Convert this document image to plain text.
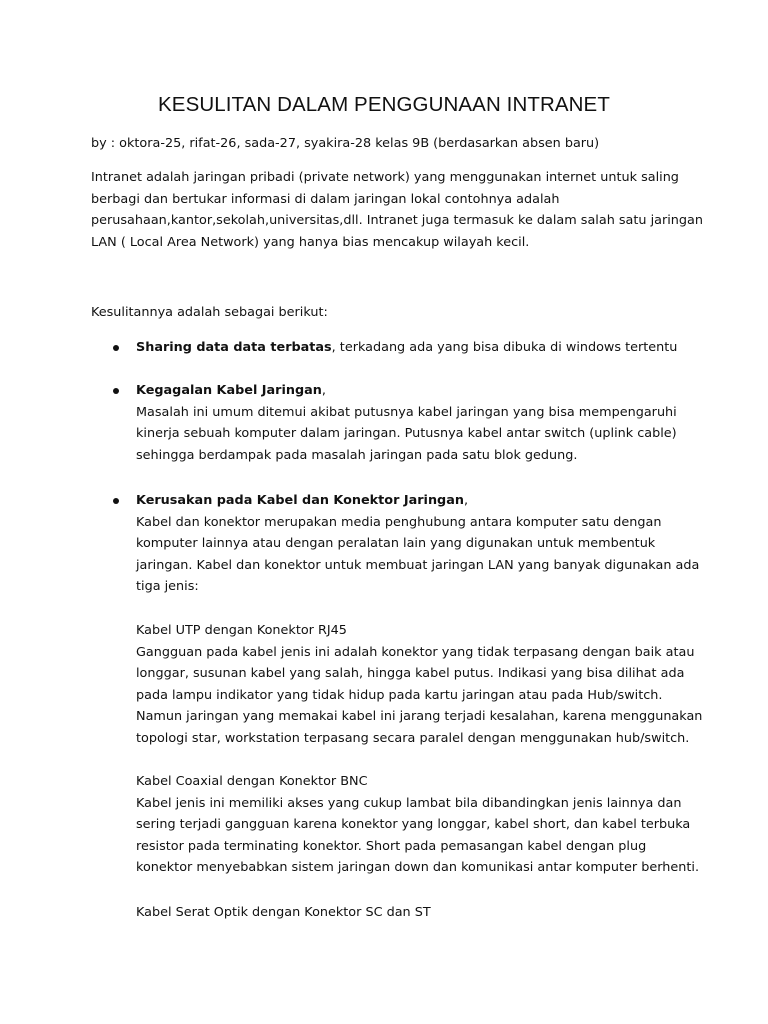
KESULITAN DALAM PENGGUNAAN INTRANET
by : oktora-25, rifat-26, sada-27, syakira-28 kelas 9B (berdasarkan absen baru)
Intranet adalah jaringan pribadi (private network) yang menggunakan internet untuk saling
berbagi dan bertukar informasi di dalam jaringan lokal contohnya adalah
perusahaan,kantor,sekolah,universitas,dll. Intranet juga termasuk ke dalam salah satu jaringan
LAN ( Local Area Network) yang hanya bias mencakup wilayah kecil.
Kesulitannya adalah sebagai berikut:
Sharing data data terbatas, terkadang ada yang bisa dibuka di windows tertentu
Kegagalan Kabel Jaringan,
Masalah ini umum ditemui akibat putusnya kabel jaringan yang bisa mempengaruhi
kinerja sebuah komputer dalam jaringan. Putusnya kabel antar switch (uplink cable)
sehingga berdampak pada masalah jaringan pada satu blok gedung.
Kerusakan pada Kabel dan Konektor Jaringan,
Kabel dan konektor merupakan media penghubung antara komputer satu dengan
komputer lainnya atau dengan peralatan lain yang digunakan untuk membentuk
jaringan. Kabel dan konektor untuk membuat jaringan LAN yang banyak digunakan ada
tiga jenis:
Kabel UTP dengan Konektor RJ45
Gangguan pada kabel jenis ini adalah konektor yang tidak terpasang dengan baik atau
longgar, susunan kabel yang salah, hingga kabel putus. Indikasi yang bisa dilihat ada
pada lampu indikator yang tidak hidup pada kartu jaringan atau pada Hub/switch.
Namun jaringan yang memakai kabel ini jarang terjadi kesalahan, karena menggunakan
topologi star, workstation terpasang secara paralel dengan menggunakan hub/switch.
Kabel Coaxial dengan Konektor BNC
Kabel jenis ini memiliki akses yang cukup lambat bila dibandingkan jenis lainnya dan
sering terjadi gangguan karena konektor yang longgar, kabel short, dan kabel terbuka
resistor pada terminating konektor. Short pada pemasangan kabel dengan plug
konektor menyebabkan sistem jaringan down dan komunikasi antar komputer berhenti.
Kabel Serat Optik dengan Konektor SC dan ST
